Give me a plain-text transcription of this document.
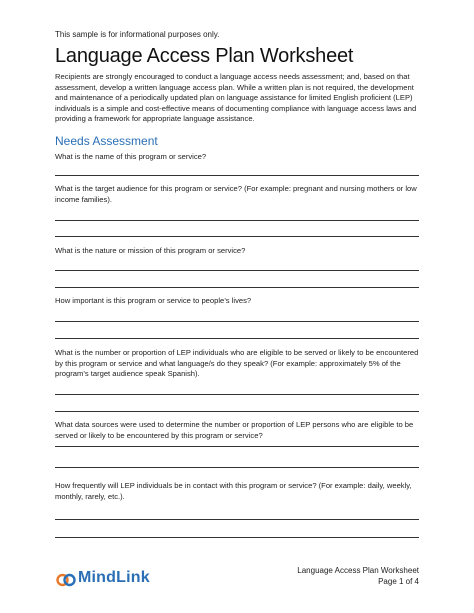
This sample is for informational purposes only.
Language Access Plan Worksheet
Recipients are strongly encouraged to conduct a language access needs assessment; and, based on that assessment, develop a written language access plan. While a written plan is not required, the development and maintenance of a periodically updated plan on language assistance for limited English proficient (LEP) individuals is a simple and cost-effective means of documenting compliance with language access laws and providing a framework for appropriate language assistance.
Needs Assessment
What is the name of this program or service?
What is the target audience for this program or service? (For example: pregnant and nursing mothers or low income families).
What is the nature or mission of this program or service?
How important is this program or service to people’s lives?
What is the number or proportion of LEP individuals who are eligible to be served or likely to be encountered by this program or service and what language/s do they speak? (For example: approximately 5% of the program’s target audience speak Spanish).
What data sources were used to determine the number or proportion of LEP persons who are eligible to be served or likely to be encountered by this program or service?
How frequently will LEP individuals be in contact with this program or service? (For example: daily, weekly, monthly, rarely, etc.).
MindLink	Language Access Plan Worksheet
Page 1 of 4
